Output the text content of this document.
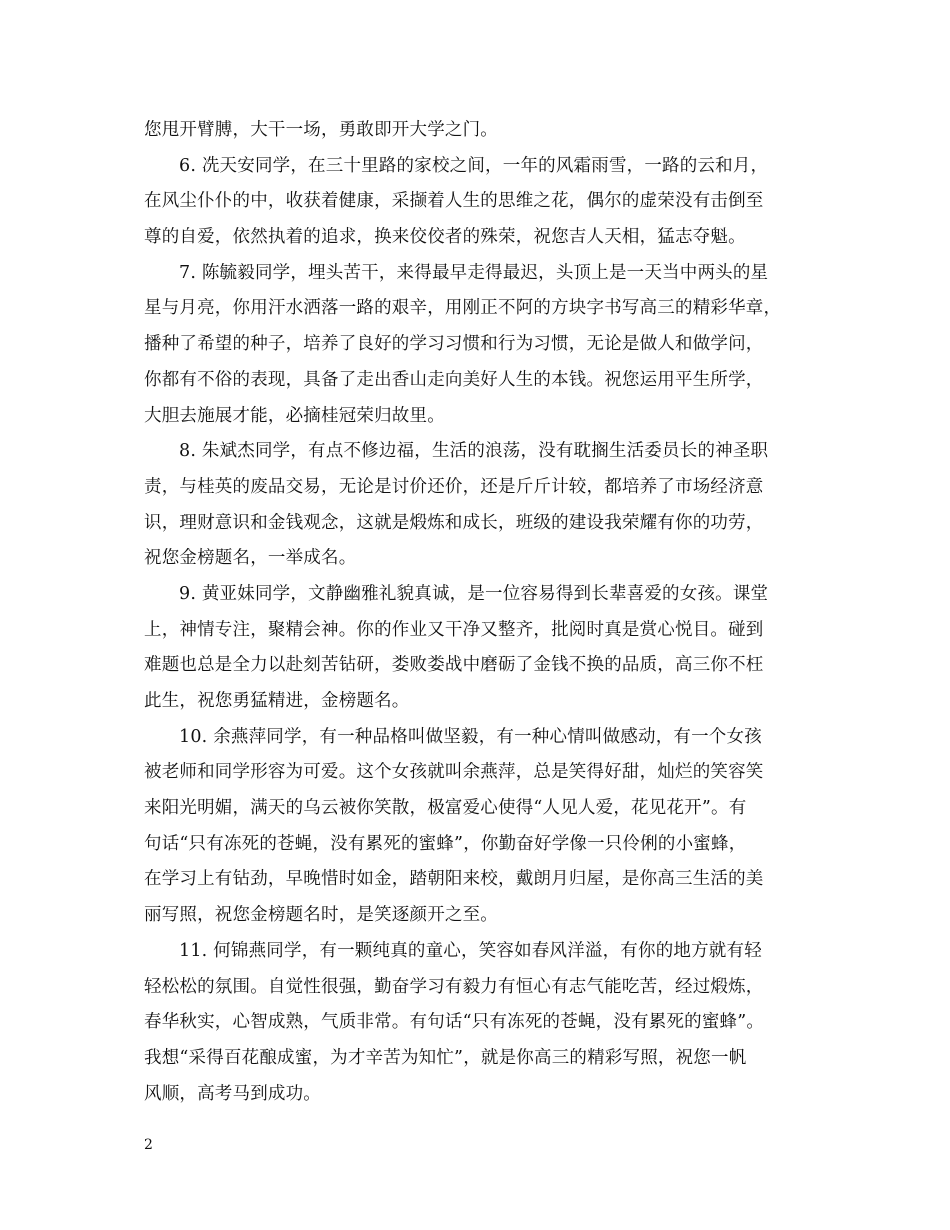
您甩开臂膊，大干一场，勇敢即开大学之门。
6. 冼天安同学，在三十里路的家校之间，一年的风霜雨雪，一路的云和月，
在风尘仆仆的中，收获着健康，采撷着人生的思维之花，偶尔的虚荣没有击倒至
尊的自爱，依然执着的追求，换来佼佼者的殊荣，祝您吉人天相，猛志夺魁。
7. 陈毓毅同学，埋头苦干，来得最早走得最迟，头顶上是一天当中两头的星
星与月亮，你用汗水洒落一路的艰辛，用刚正不阿的方块字书写高三的精彩华章，
播种了希望的种子，培养了良好的学习习惯和行为习惯，无论是做人和做学问，
你都有不俗的表现，具备了走出香山走向美好人生的本钱。祝您运用平生所学，
大胆去施展才能，必摘桂冠荣归故里。
8. 朱斌杰同学，有点不修边福，生活的浪荡，没有耽搁生活委员长的神圣职
责，与桂英的废品交易，无论是讨价还价，还是斤斤计较，都培养了市场经济意
识，理财意识和金钱观念，这就是煅炼和成长，班级的建设我荣耀有你的功劳，
祝您金榜题名，一举成名。
9. 黄亚妹同学，文静幽雅礼貌真诚，是一位容易得到长辈喜爱的女孩。课堂
上，神情专注，聚精会神。你的作业又干净又整齐，批阅时真是赏心悦目。碰到
难题也总是全力以赴刻苦钻研，娄败娄战中磨砺了金钱不换的品质，高三你不枉
此生，祝您勇猛精进，金榜题名。
10. 余燕萍同学，有一种品格叫做坚毅，有一种心情叫做感动，有一个女孩
被老师和同学形容为可爱。这个女孩就叫余燕萍，总是笑得好甜，灿烂的笑容笑
来阳光明媚，满天的乌云被你笑散，极富爱心使得“人见人爱，花见花开”。有
句话“只有冻死的苍蝇，没有累死的蜜蜂”，你勤奋好学像一只伶俐的小蜜蜂，
在学习上有钻劲，早晚惜时如金，踏朝阳来校，戴朗月归屋，是你高三生活的美
丽写照，祝您金榜题名时，是笑逐颜开之至。
11. 何锦燕同学，有一颗纯真的童心，笑容如春风洋溢，有你的地方就有轻
轻松松的氛围。自觉性很强，勤奋学习有毅力有恒心有志气能吃苦，经过煅炼，
春华秋实，心智成熟，气质非常。有句话“只有冻死的苍蝇，没有累死的蜜蜂”。
我想“采得百花酿成蜜，为才辛苦为知忙”，就是你高三的精彩写照，祝您一帆
风顺，高考马到成功。
2
